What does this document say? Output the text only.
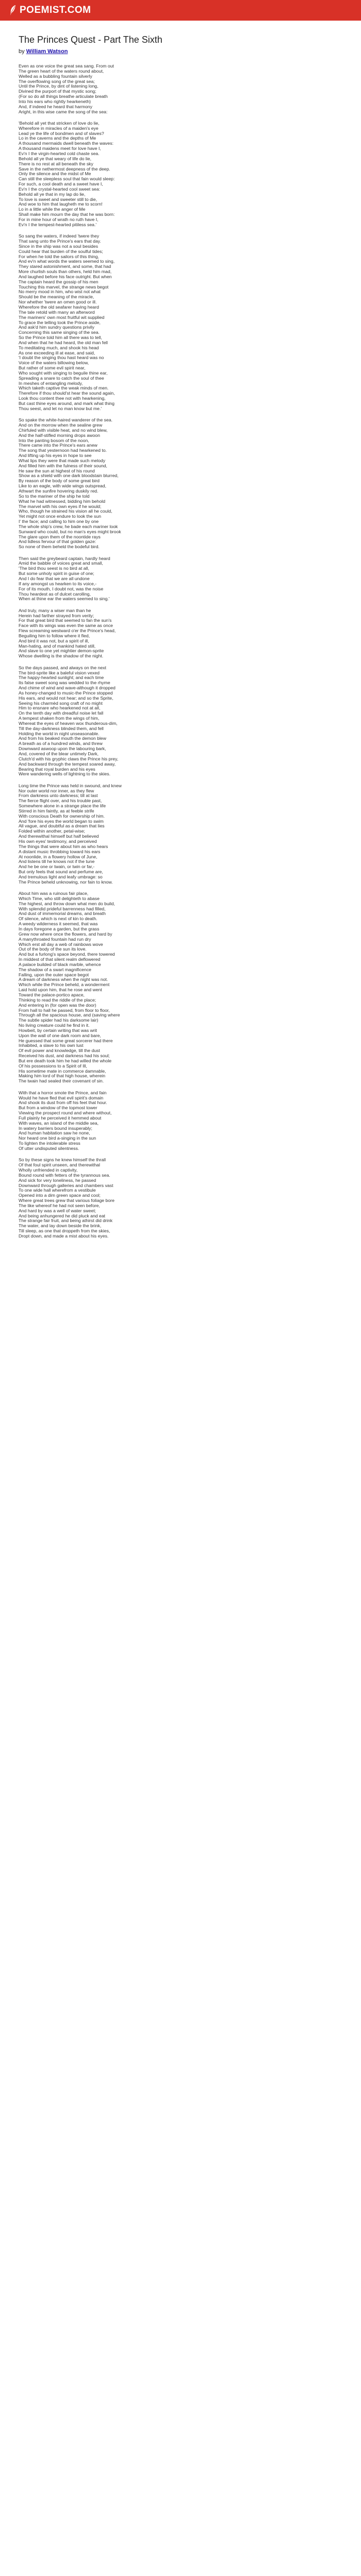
POEMIST.COM
The Princes Quest - Part The Sixth
by William Watson
Even as one voice the great sea sang. From out
The green heart of the waters round about,
Welled as a bubbling fountain silverly
The overflowing song of the great sea;
Until the Prince, by dint of listening long,
Divined the purport of that mystic song;
(For so do all things breathe articulate breath
Into his ears who rightly hearkeneth)
And, if indeed he heard that harmony
Aright, in this wise came the song of the sea:
'Behold all yet that stricken of love do lie,
Wherefore in miracles of a maiden's eye
Lead ye the life of bondmen and of slaves?
Lo in the caverns and the depths of Me
A thousand mermaids dwell beneath the waves:
A thousand maidens meet for love have I,
Ev'n I the virgin-hearted cold chaste sea.
Behold all ye that weary of life do lie,
There is no rest at all beneath the sky
Save in the nethermost deepness of the deep.
Only the silence and the midst of Me
Can still the sleepless soul that fain would sleep:
For such, a cool death and a sweet have I,
Ev'n I the crystal-hearted cool sweet sea:
Behold all ye that in my lap do lie,
To love is sweet and sweeter still to die,
And woe to him that laugheth me to scorn!
Lo in a little while the anger of Me
Shall make him mourn the day that he was born:
For in mine hour of wrath no ruth have I,
Ev'n I the tempest-hearted pitiless sea.'
So sang the waters, if indeed 'twere they
That sang unto the Prince's ears that day.
Since in the ship was not a soul besides
Could hear that burden of the soulful tides;
For when he told the sailors of this thing,
And ev'n what words the waters seemed to sing,
They stared astonishment, and some, that had
More churlish souls than others, held him mad,
And laughed before his face outright. But when
The captain heard the gossip of his men
Touching this marvel, the strange news begot
No merry mood in him, who wist not what
Should be the meaning of the miracle,
Nor whether 'twere an omen good or ill.
Wherefore the old seafarer having heard
The tale retold with many an afterword
The mariners' own most fruitful wit supplied
To grace the telling took the Prince aside,
And ask'd him sundry questions privily
Concerning this same singing of the sea.
So the Prince told him all there was to tell,
And when that he had heard, the old man fell
To meditating much, and shook his head
As one exceeding ill at ease, and said,
'I doubt the singing thou hast heard was no
Voice of the waters billowing below,
But rather of some evil spirit near,
Who sought with singing to beguile thine ear,
Spreading a snare to catch the soul of thee
In meshes of entangling melody,
Which taketh captive the weak minds of men.
Therefore if thou should'st hear the sound again,
Look thou content thee not with hearkening,
But cast thine eyes around, and mark what thing
Thou seest, and let no man know but me.'
So spake the white-haired wanderer of the sea.
And on the morrow when the sealine grew
Chirfuled with visible heat, and no wind blew,
And the half-stifled morning drops awoon
Into the panting bosom of the noon,
There came into the Prince's ears anew
The song that yesternoon had hearkened to.
And lifting up his eyes in hope to see
What lips they were that made such melody
And filled him with the fulness of their sound,
He saw the sun at highest of his round
Show as a shield with one dark bloodstain blurred,
By reason of the body of some great bird
Like to an eagle, with wide wings outspread,
Athwart the sunfire hovering duskily red.
So to the mariner of the ship he told
What he had witnessed, bidding him behold
The marvel with his own eyes if he would;
Who, though he strained his vision all he could,
Yet might not once endure to look the sun
I' the face; and calling to him one by one
The whole ship's crew, he bade each mariner look
Sunward who could, but no man's eyes might brook
The glare upon them of the noontide rays
And lidless fervour of that golden gaze:
So none of them beheld the bodeful bird.
Then said the greybeard captain, hardly heard
Amid the babble of voices great and small,
'The bird thou seest is no bird at all,
But some unholy spirit in guise of one;
And I do fear that we are all undone
If any amongst us hearken to its voice,-
For of its mouth, I doubt not, was the noise
Thou heardest as of dulcet carolling,
When at thine ear the waters seemed to sing.'
And truly, many a wiser man than he
Herein had farther strayed from verity;
For that great bird that seemed to fan the sun's
Face with its wings was even the same as once
Flew screaming westward o'er the Prince's head,
Beguiling him to follow where it fled,
And bird it was not, but a spirit of ill,
Man-hating, and of mankind hated still,
And slave to one yet mightier demon-sprite
Whose dwelling is the shadow of the night.
So the days passed, and always on the next
The bird-sprite like a baleful vision vexed
The happy-hearted sunlight; and each time
Its false sweet song was wedded to the rhyme
And chime of wind and wave-although it dropped
As honey-changed to music-the Prince stopped
His ears, and would not hear; and so the Sprite,
Seeing his charmèd song craft of no might
Him to ensnare who hearkened not at all,
On the tenth day with dreadful noise let fall
A tempest shaken from the wings of him,
Whereat the eyes of heaven wox thunderous-dim,
Till the day-darkness blinded them, and fell
Holding the world in night unseasonable.
And from his beaked mouth the demon blew
A breath as of a hundred winds, and threw
Downward aswoop upon the labouring bark,
And, covered of the blear untimely Dark,
Clutch'd with his gryphic claws the Prince his prey,
And backward through the tempest soared away,
Bearing that royal burden and his eyes
Were wandering wells of lightning to the skies.
Long time the Prince was held in swound, and knew
Nor outer world nor inner, as they flew
From darkness unto darkness; till at last
The fierce flight over, and his trouble past,
Somewhere alone in a strange place the life
Stirred in him faintly, as at feeble strife
With conscious Death for ownership of him.
And 'fore his eyes the world began to swim
All vague, and doubtful as a dream that lies
Folded within another, petal-wise;
And therewithal himself but half believed
His own eyes' testimony, and perceived
The things that were about him as who hears
A distant music throbbing toward his ears
At noonlide, in a flowery hollow of June,
And listens till he knows not if the tune
And he be one or twain, or twin or far,-
But only feels that sound and perfume are,
And tremulous light and leafy umbrage: so
The Prince beheld unknowing, nor fain to know.
About him was a ruinous fair place,
Which Time, who still delighteth to abase
The highest, and throw down what men do build,
With splendid prideful barrenness had filled,
And dust of immemorial dreams, and breath
Of silence, which is next of kin to death.
A weedy wilderness it seemed, that was
In days foregone a garden, but the grass
Grew now where once the flowers, and hard by
A manythroated fountain had run dry
Which erst all day a web of rainbows wove
Out of the body of the sun its love.
And but a furlong's space beyond, there towered
In middest of that silent realm deflowered
A palace builded of black marble, whence
The shadow of a swart magnificence
Falling, upon the outer space begot
A dream of darkness when the night was not.
Which while the Prince beheld, a wonderment
Laid hold upon him, that he rose and went
Toward the palace-portico apace,
Thinking to read the riddle of the place;
And entering in (for open was the door)
From hall to hall he passed, from floor to floor,
Through all the spacious house, and (saving where
The subtle spider had his darksome lair)
No living creature could he find in it.
Howbeit, by certain writing that was writ
Upon the wall of one dark room and bare,
He guessed that some great sorcerer had there
Inhabited, a slave to his own lust
Of evil power and knowledge, till the dust
Received his dust, and darkness had his soul;
But ere death took him he had willed the whole
Of his possessions to a Spirit of Ill,
His sometime mate in commerce damnable,
Making him lord of that high house, wherein
The twain had sealed their covenant of sin.
With that a horror smote the Prince, and fain
Would he have fled that evil spirit's domain
And shook its dust from off his feet that hour.
But from a window of the topmost tower
Viewing the prospect round and where without,
Full plainly he perceived it hemmed about
With waves, an island of the middle sea,
In watery barriers bound insuperably;
And human habitation saw he none,
Nor heard one bird a-singing in the sun
To lighten the intolerable stress
Of utter undisputed silentness.
So by these signs he knew himself the thrall
Of that foul spirit unseen, and therewithal
Wholly unfriended in captivity,
Bound round with fetters of the tyrannous sea.
And sick for very loneliness, he passed
Downward through galleries and chambers vast
To one wide hall wherefrom a vestibule
Opened into a dim green space and cool;
Where great trees grew that various foliage bore
The like whereof he had not seen before,
And hard by was a well of water sweet;
And being anhungered he did pluck and eat
The strange fair fruit, and being athirst did drink
The water, and lay down beside the brink,
Till sleep, as one that droppeth from the skies,
Dropt down, and made a mist about his eyes.
